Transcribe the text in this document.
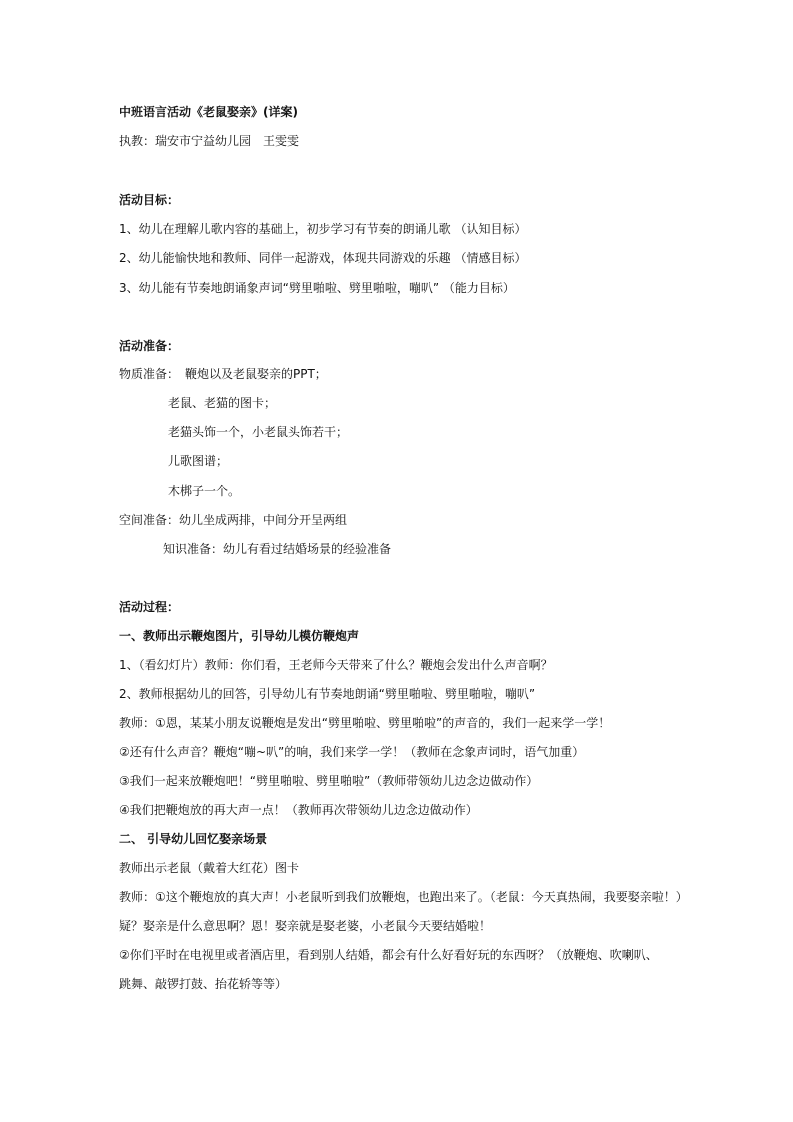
中班语言活动《老鼠娶亲》(详案)
执教：瑞安市宁益幼儿园　王雯雯
活动目标：
1、幼儿在理解儿歌内容的基础上，初步学习有节奏的朗诵儿歌 （认知目标）
2、幼儿能愉快地和教师、同伴一起游戏，体现共同游戏的乐趣 （情感目标）
3、幼儿能有节奏地朗诵象声词“劈里啪啦、劈里啪啦，嘣叭” （能力目标）
活动准备：
物质准备：　鞭炮以及老鼠娶亲的PPT；
老鼠、老猫的图卡；
老猫头饰一个，小老鼠头饰若干；
儿歌图谱；
木梆子一个。
空间准备：幼儿坐成两排，中间分开呈两组
知识准备：幼儿有看过结婚场景的经验准备
活动过程：
一、教师出示鞭炮图片，引导幼儿模仿鞭炮声
1、（看幻灯片）教师：你们看，王老师今天带来了什么？鞭炮会发出什么声音啊？
2、教师根据幼儿的回答，引导幼儿有节奏地朗诵“劈里啪啦、劈里啪啦，嘣叭”
教师：①恩，某某小朋友说鞭炮是发出“劈里啪啦、劈里啪啦”的声音的，我们一起来学一学！
②还有什么声音？鞭炮“嘣~叭”的响，我们来学一学！（教师在念象声词时，语气加重）
③我们一起来放鞭炮吧！“劈里啪啦、劈里啪啦”（教师带领幼儿边念边做动作）
④我们把鞭炮放的再大声一点！（教师再次带领幼儿边念边做动作）
二、 引导幼儿回忆娶亲场景
教师出示老鼠（戴着大红花）图卡
教师：①这个鞭炮放的真大声！小老鼠听到我们放鞭炮，也跑出来了。（老鼠：今天真热闹，我要娶亲啦！）
疑？娶亲是什么意思啊？恩！娶亲就是娶老婆，小老鼠今天要结婚啦！
②你们平时在电视里或者酒店里，看到别人结婚，都会有什么好看好玩的东西呀？（放鞭炮、吹喇叭、
跳舞、敲锣打鼓、抬花轿等等）
